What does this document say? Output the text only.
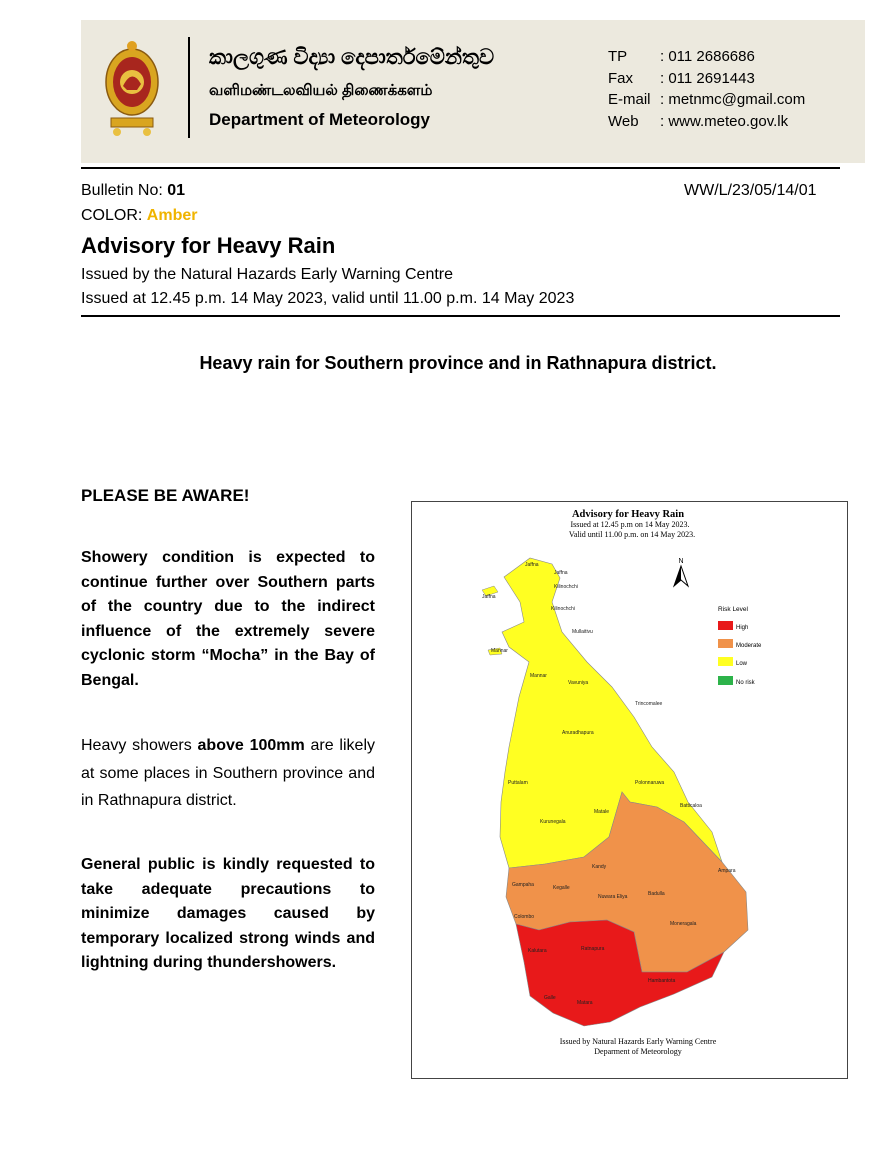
කාලගුණ විද්‍යා දෙපාර්තමේන්තුව
வளிமண்டலவியல் திணைக்களம்
Department of Meteorology
TP : 011 2686686
Fax : 011 2691443
E-mail : metnmc@gmail.com
Web : www.meteo.gov.lk
Bulletin No: 01	WW/L/23/05/14/01
COLOR: Amber
Advisory for Heavy Rain
Issued by the Natural Hazards Early Warning Centre
Issued at 12.45 p.m. 14 May 2023, valid until 11.00 p.m. 14 May 2023
Heavy rain for Southern province and in Rathnapura district.
PLEASE BE AWARE!
Showery condition is expected to continue further over Southern parts of the country due to the indirect influence of the extremely severe cyclonic storm “Mocha” in the Bay of Bengal.
Heavy showers above 100mm are likely at some places in Southern province and in Rathnapura district.
General public is kindly requested to take adequate precautions to minimize damages caused by temporary localized strong winds and lightning during thundershowers.
Advisory for Heavy Rain
Issued at 12.45 p.m on 14 May 2023.
Valid until 11.00 p.m. on 14 May 2023.
N
Jaffna
Jaffna
Kilinochchi
Jaffna
Kilinochchi
Mullaitivu
Mannar
Mannar
Vavuniya
Trincomalee
Anuradhapura
Puttalam	Polonnaruwa
Batticaloa
Matale
Kurunegala
Kandy
Ampara
Gampaha	Kegalle
Nuwara Eliya	Badulla
Colombo
Moneragala
Kalutara	Ratnapura
Hambantota
Galle
Matara
Risk Level
High
Moderate
Low
No risk
Issued by Natural Hazards Early Warning Centre
Deparment of Meteorology
